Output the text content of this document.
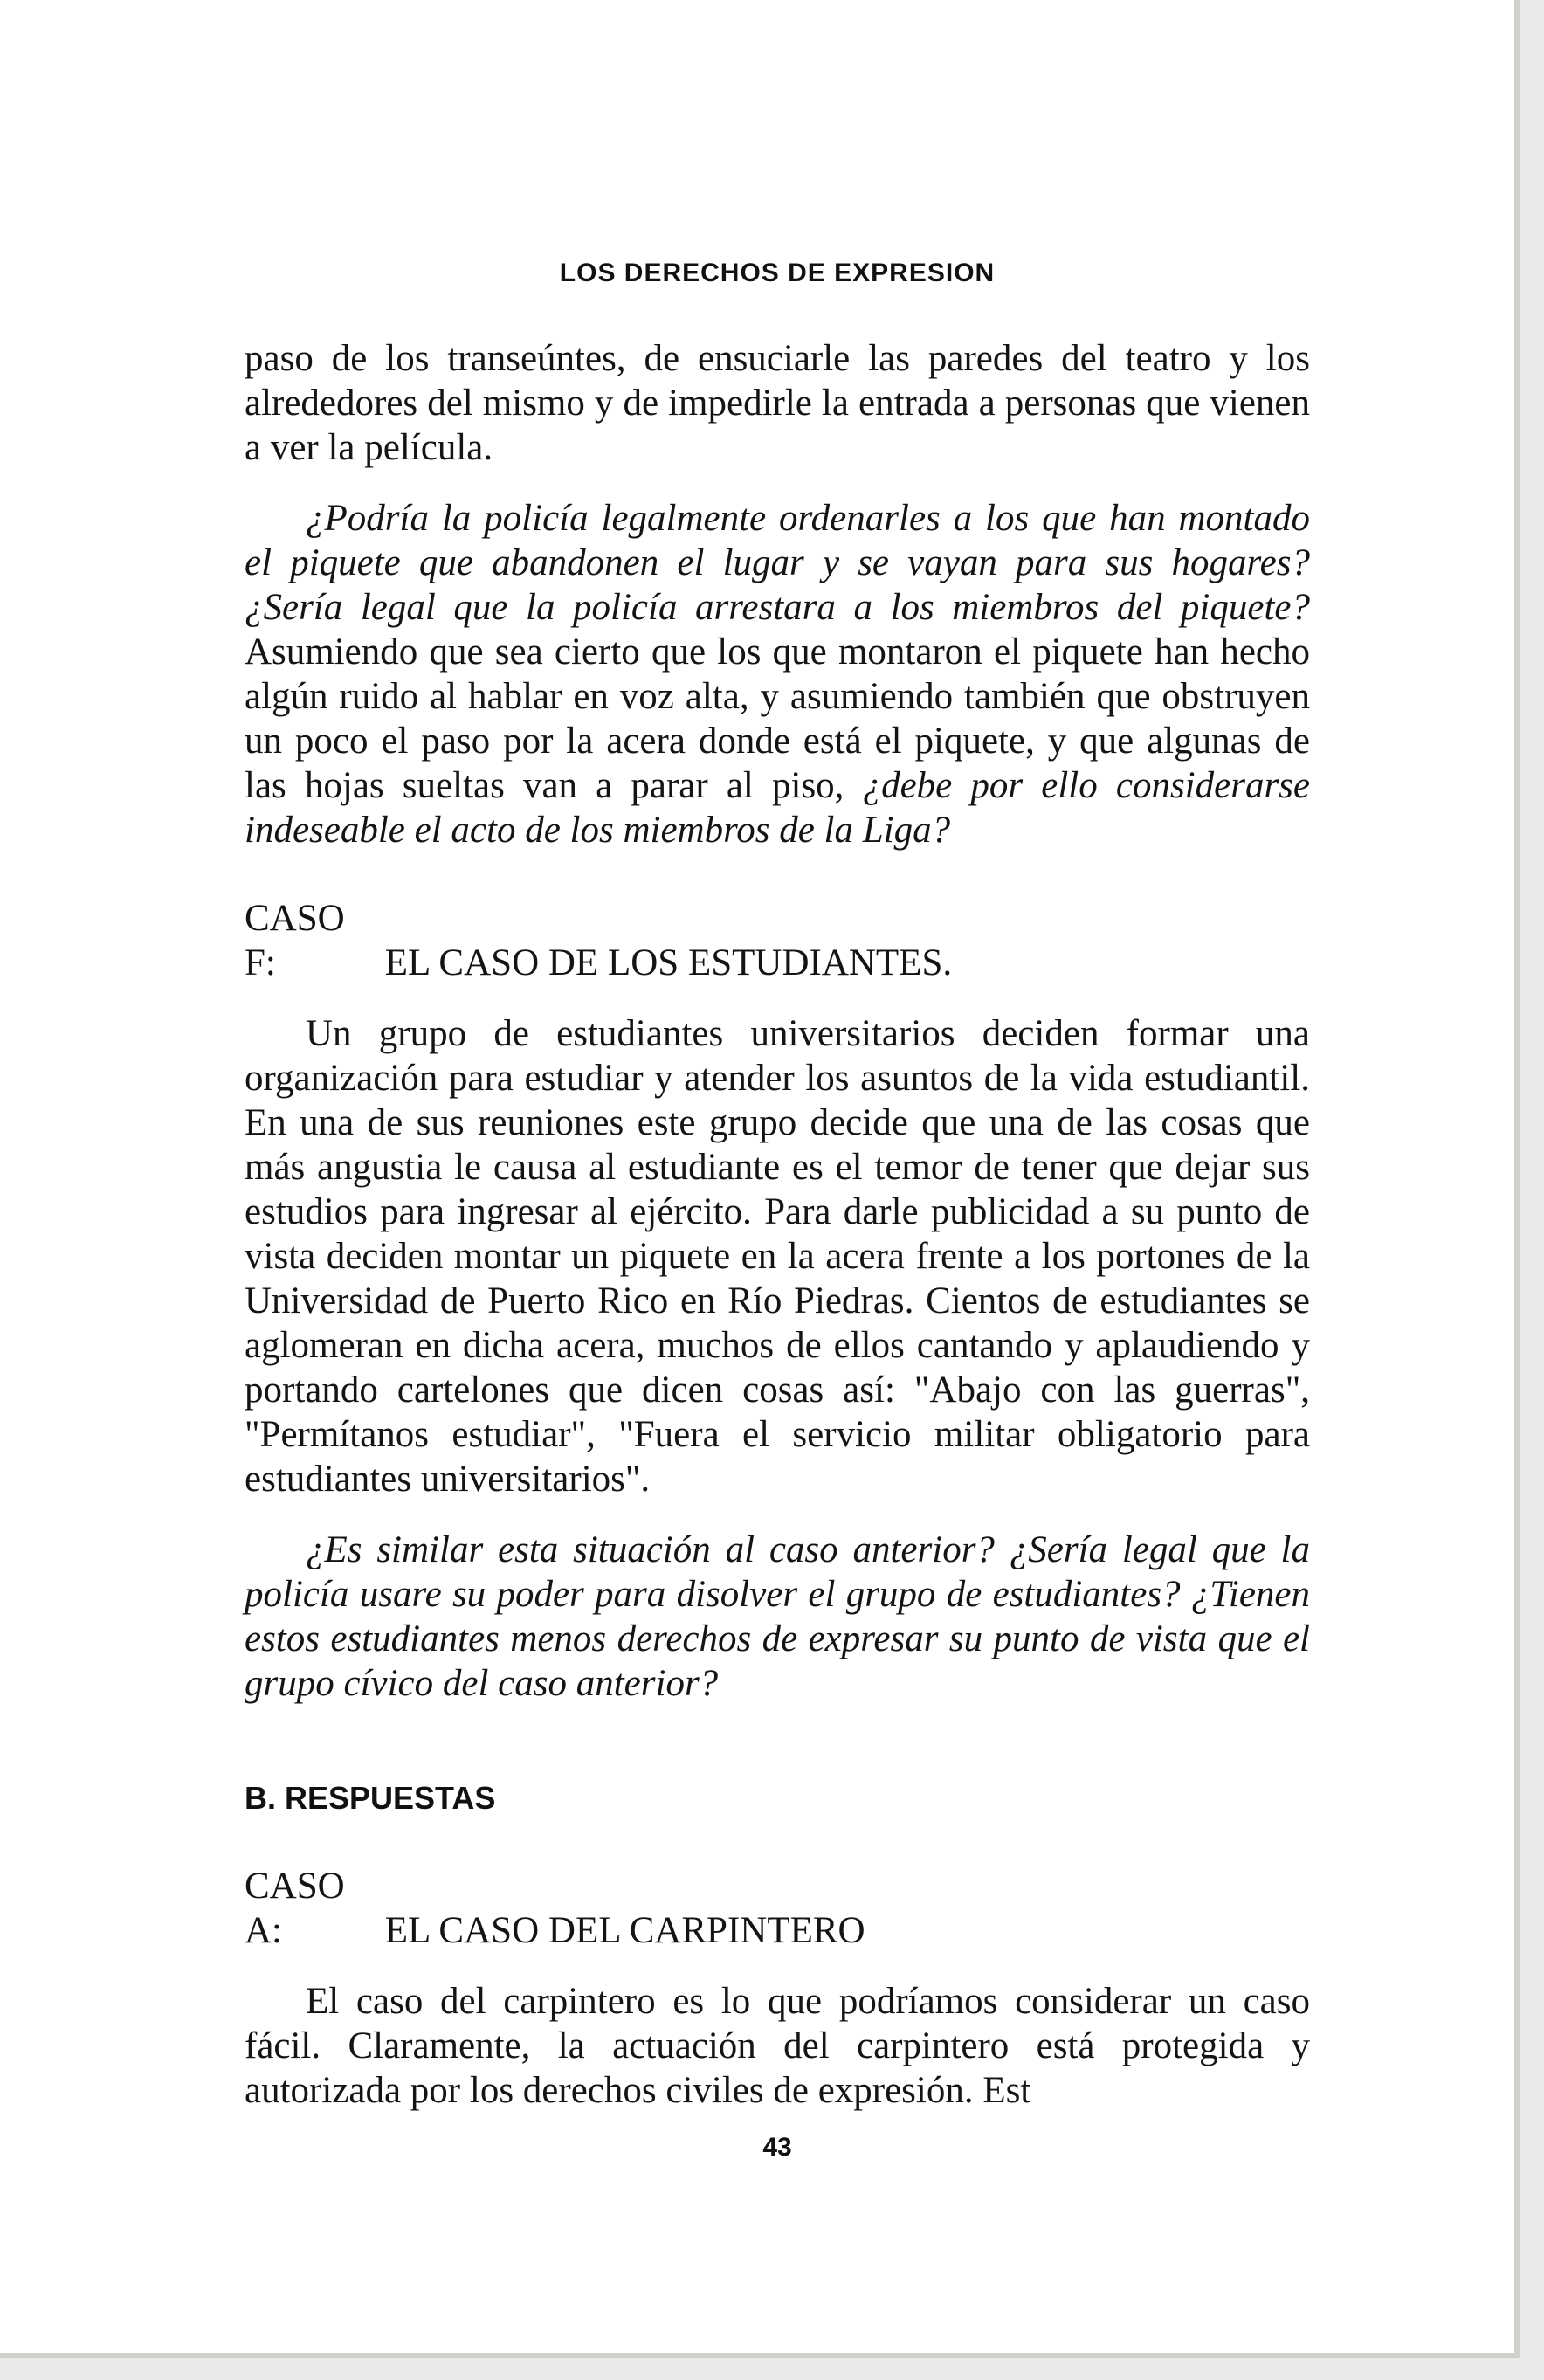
LOS DERECHOS DE EXPRESION

paso de los transeúntes, de ensuciarle las paredes del teatro y los alrededores del mismo y de impedirle la entrada a personas que vienen a ver la película.

¿Podría la policía legalmente ordenarles a los que han montado el piquete que abandonen el lugar y se vayan para sus hogares? ¿Sería legal que la policía arrestara a los miembros del piquete? Asumiendo que sea cierto que los que montaron el piquete han hecho algún ruido al hablar en voz alta, y asumiendo también que obstruyen un poco el paso por la acera donde está el piquete, y que algunas de las hojas sueltas van a parar al piso, ¿debe por ello considerarse indeseable el acto de los miembros de la Liga?

CASO F:	EL CASO DE LOS ESTUDIANTES.

Un grupo de estudiantes universitarios deciden formar una organización para estudiar y atender los asuntos de la vida estudiantil. En una de sus reuniones este grupo decide que una de las cosas que más angustia le causa al estudiante es el temor de tener que dejar sus estudios para ingresar al ejército. Para darle publicidad a su punto de vista deciden montar un piquete en la acera frente a los portones de la Universidad de Puerto Rico en Río Piedras. Cientos de estudiantes se aglomeran en dicha acera, muchos de ellos cantando y aplaudiendo y portando cartelones que dicen cosas así: "Abajo con las guerras", "Permítanos estudiar", "Fuera el servicio militar obligatorio para estudiantes universitarios".

¿Es similar esta situación al caso anterior? ¿Sería legal que la policía usare su poder para disolver el grupo de estudiantes? ¿Tienen estos estudiantes menos derechos de expresar su punto de vista que el grupo cívico del caso anterior?

B. RESPUESTAS
CASO A:	EL CASO DEL CARPINTERO

El caso del carpintero es lo que podríamos considerar un caso fácil. Claramente, la actuación del carpintero está protegida y autorizada por los derechos civiles de expresión. Est

43
